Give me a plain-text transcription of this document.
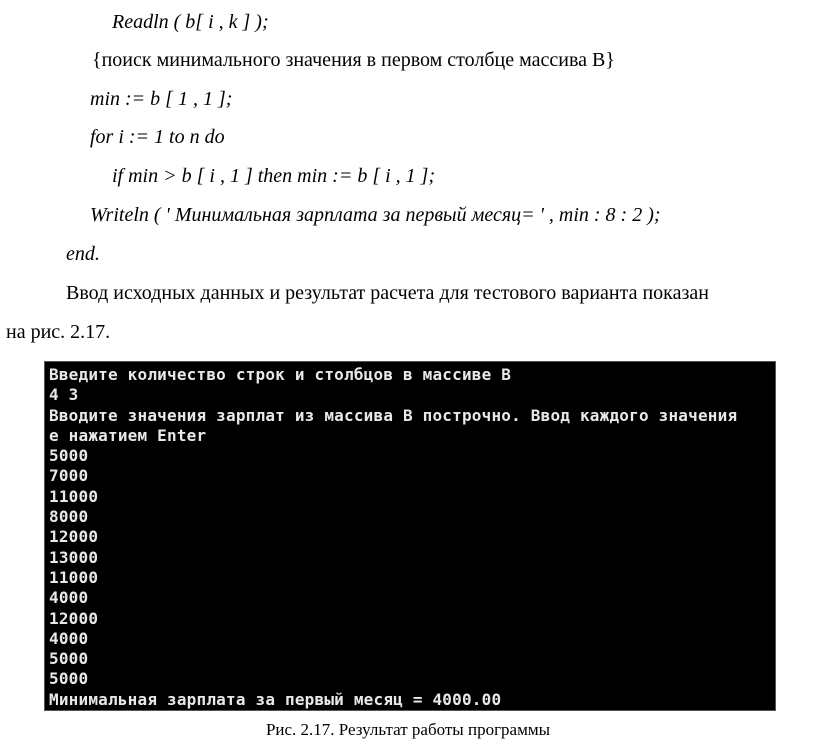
Readln ( b[ i , k ] );
{поиск минимального значения в первом столбце массива В}
min := b [ 1 , 1 ];
for i := 1 to n do
if min > b [ i , 1 ] then min := b [ i , 1 ];
Writeln ( ' Минимальная зарплата за первый месяц= ' , min : 8 : 2 );
end.
Ввод исходных данных и результат расчета для тестового варианта показан
на рис. 2.17.
Введите количество строк и столбцов в массиве В
4 3
Вводите значения зарплат из массива В построчно. Ввод каждого значения
е нажатием Enter
5000
7000
11000
8000
12000
13000
11000
4000
12000
4000
5000
5000
Минимальная зарплата за первый месяц = 4000.00
Рис. 2.17. Результат работы программы
